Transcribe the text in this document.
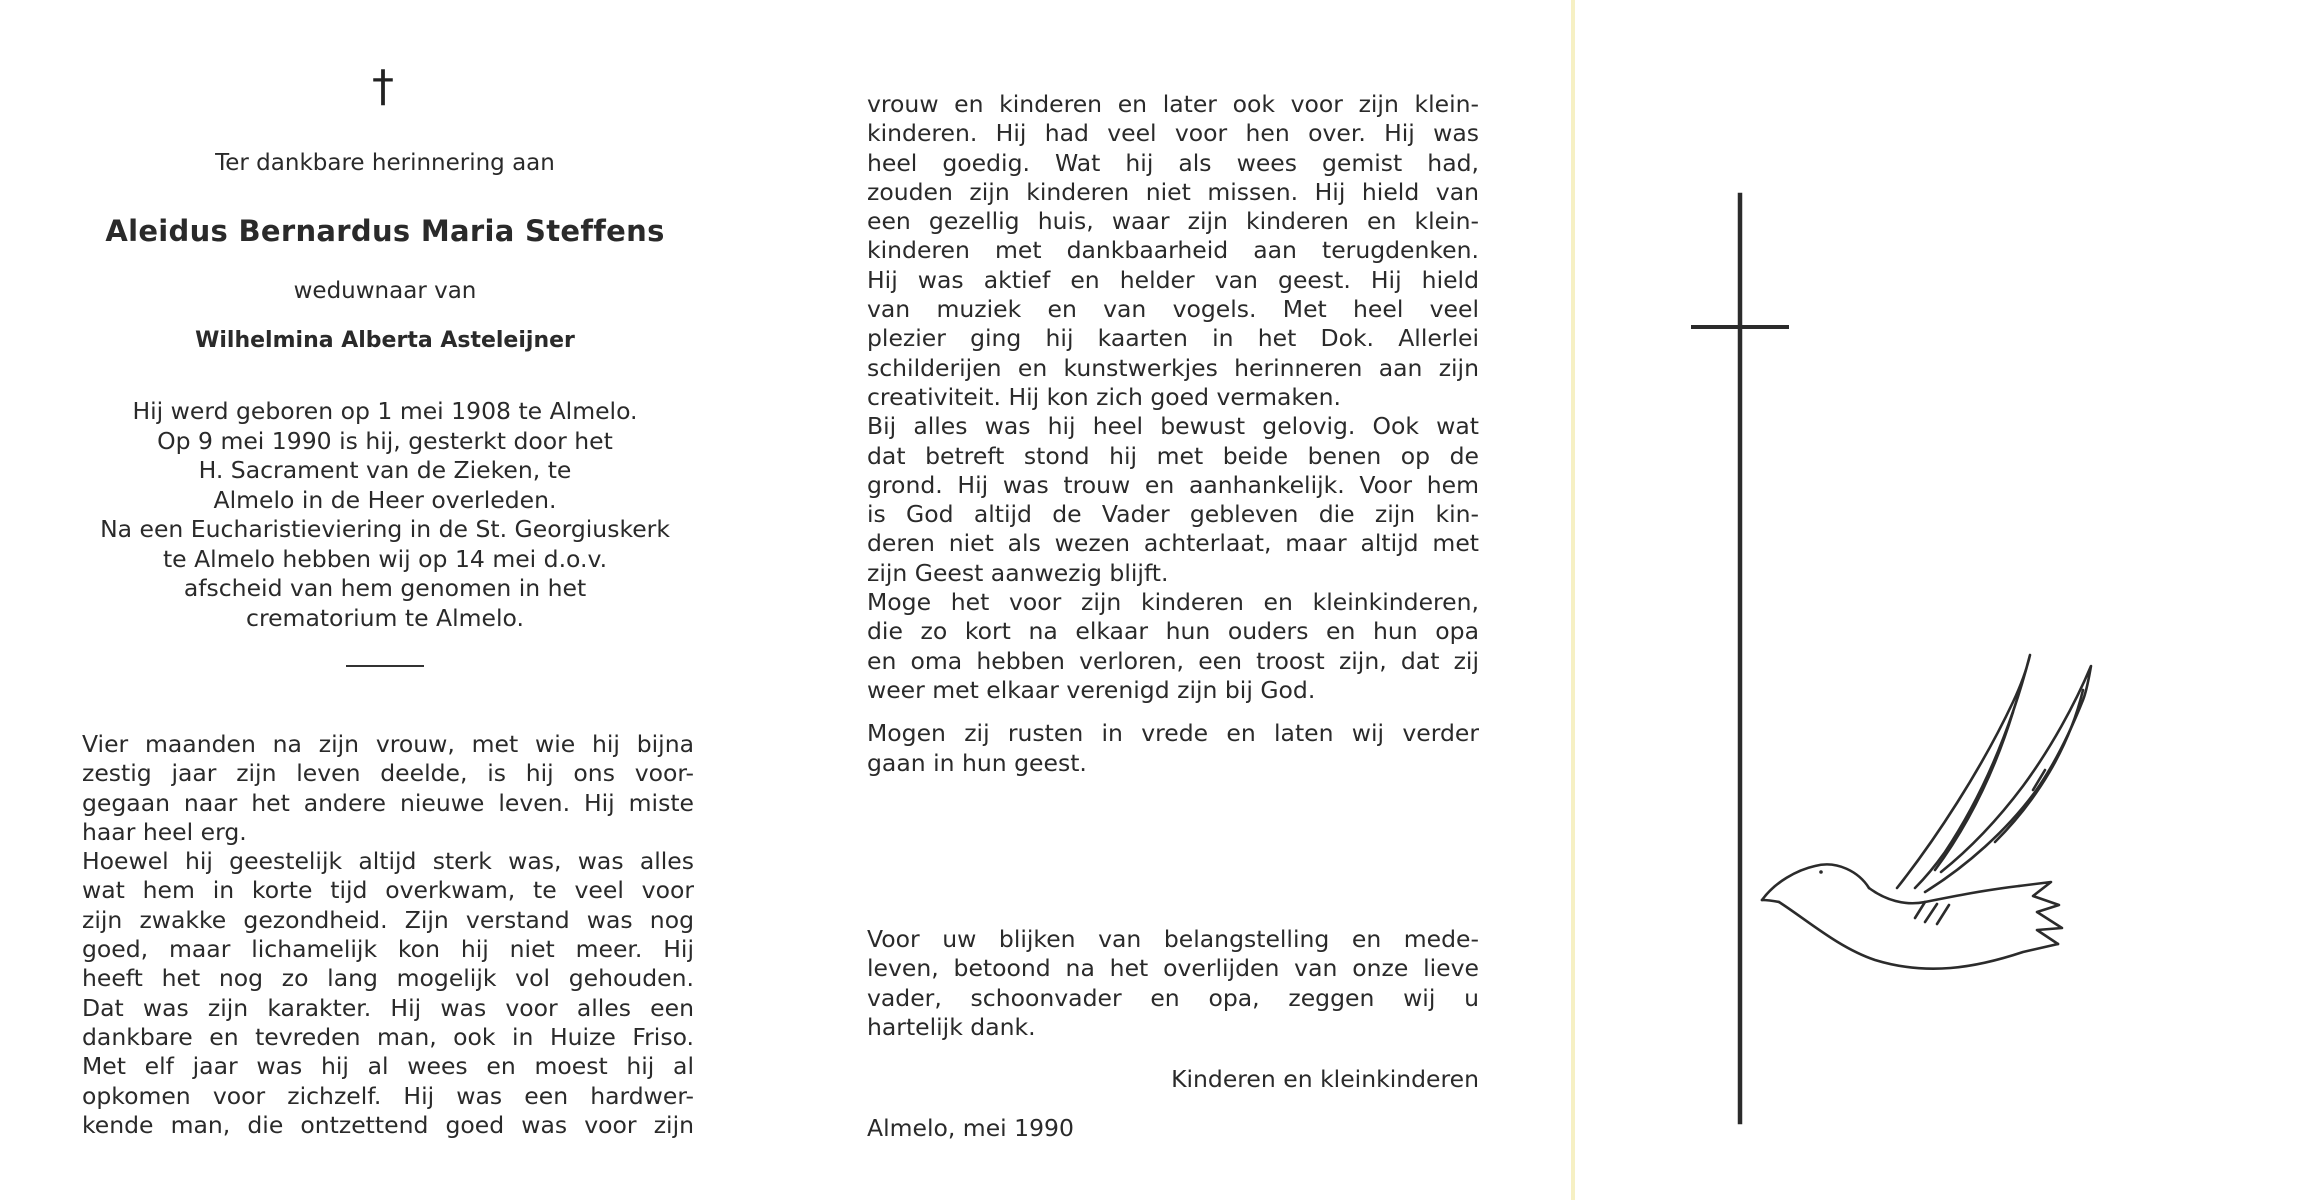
†
Ter dankbare herinnering aan
Aleidus Bernardus Maria Steffens
weduwnaar van
Wilhelmina Alberta Asteleijner
Hij werd geboren op 1 mei 1908 te Almelo.
Op 9 mei 1990 is hij, gesterkt door het
H. Sacrament van de Zieken, te
Almelo in de Heer overleden.
Na een Eucharistieviering in de St. Georgiuskerk
te Almelo hebben wij op 14 mei d.o.v.
afscheid van hem genomen in het
crematorium te Almelo.
Vier maanden na zijn vrouw, met wie hij bijna
zestig jaar zijn leven deelde, is hij ons voor-
gegaan naar het andere nieuwe leven. Hij miste
haar heel erg.
Hoewel hij geestelijk altijd sterk was, was alles
wat hem in korte tijd overkwam, te veel voor
zijn zwakke gezondheid. Zijn verstand was nog
goed, maar lichamelijk kon hij niet meer. Hij
heeft het nog zo lang mogelijk vol gehouden.
Dat was zijn karakter. Hij was voor alles een
dankbare en tevreden man, ook in Huize Friso.
Met elf jaar was hij al wees en moest hij al
opkomen voor zichzelf. Hij was een hardwer-
kende man, die ontzettend goed was voor zijn
vrouw en kinderen en later ook voor zijn klein-
kinderen. Hij had veel voor hen over. Hij was
heel goedig. Wat hij als wees gemist had,
zouden zijn kinderen niet missen. Hij hield van
een gezellig huis, waar zijn kinderen en klein-
kinderen met dankbaarheid aan terugdenken.
Hij was aktief en helder van geest. Hij hield
van muziek en van vogels. Met heel veel
plezier ging hij kaarten in het Dok. Allerlei
schilderijen en kunstwerkjes herinneren aan zijn
creativiteit. Hij kon zich goed vermaken.
Bij alles was hij heel bewust gelovig. Ook wat
dat betreft stond hij met beide benen op de
grond. Hij was trouw en aanhankelijk. Voor hem
is God altijd de Vader gebleven die zijn kin-
deren niet als wezen achterlaat, maar altijd met
zijn Geest aanwezig blijft.
Moge het voor zijn kinderen en kleinkinderen,
die zo kort na elkaar hun ouders en hun opa
en oma hebben verloren, een troost zijn, dat zij
weer met elkaar verenigd zijn bij God.
Mogen zij rusten in vrede en laten wij verder
gaan in hun geest.
Voor uw blijken van belangstelling en mede-
leven, betoond na het overlijden van onze lieve
vader, schoonvader en opa, zeggen wij u
hartelijk dank.
Kinderen en kleinkinderen
Almelo, mei 1990
